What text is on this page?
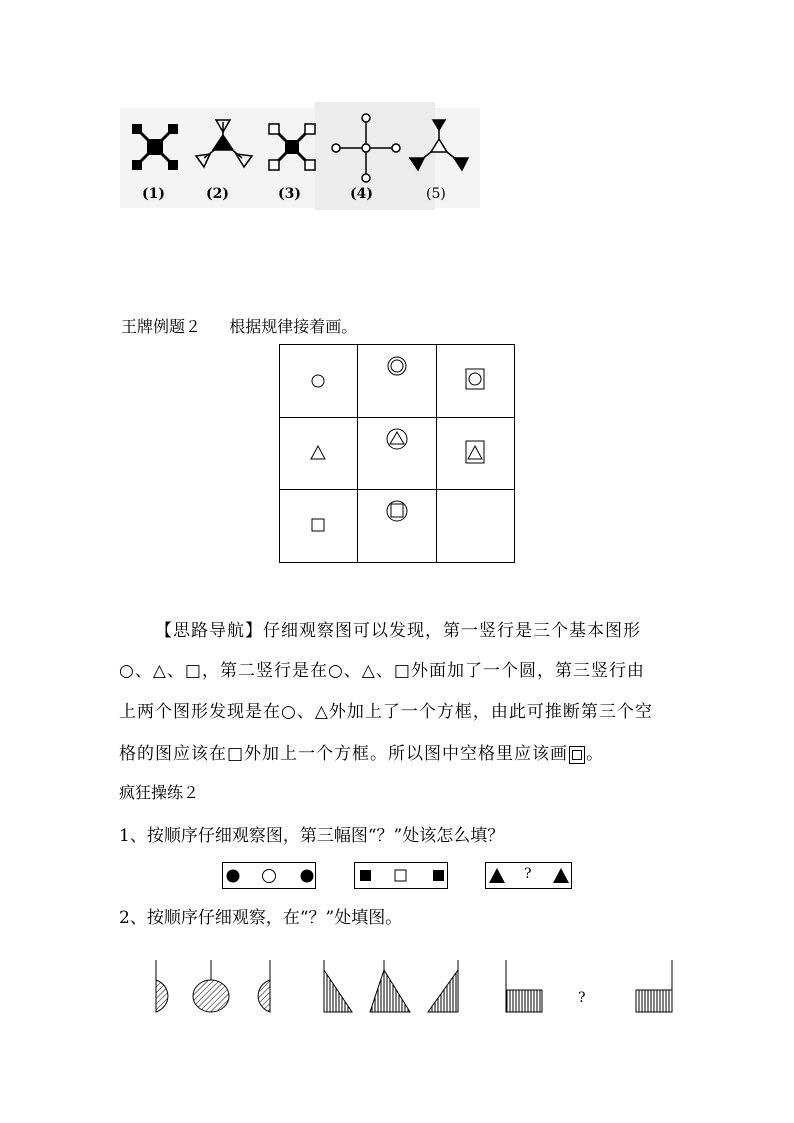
(1)	(2)	(3)	(4)	(5)
王牌例题２ 根据规律接着画。
【思路导航】仔细观察图可以发现，第一竖行是三个基本图形
○、△、□，第二竖行是在○、△、□外面加了一个圆，第三竖行由
上两个图形发现是在○、△外加上了一个方框，由此可推断第三个空
格的图应该在□外加上一个方框。所以图中空格里应该画 。
疯狂操练２
1、按顺序仔细观察图，第三幅图“？”处该怎么填？
?
2、按顺序仔细观察，在“？”处填图。
?
